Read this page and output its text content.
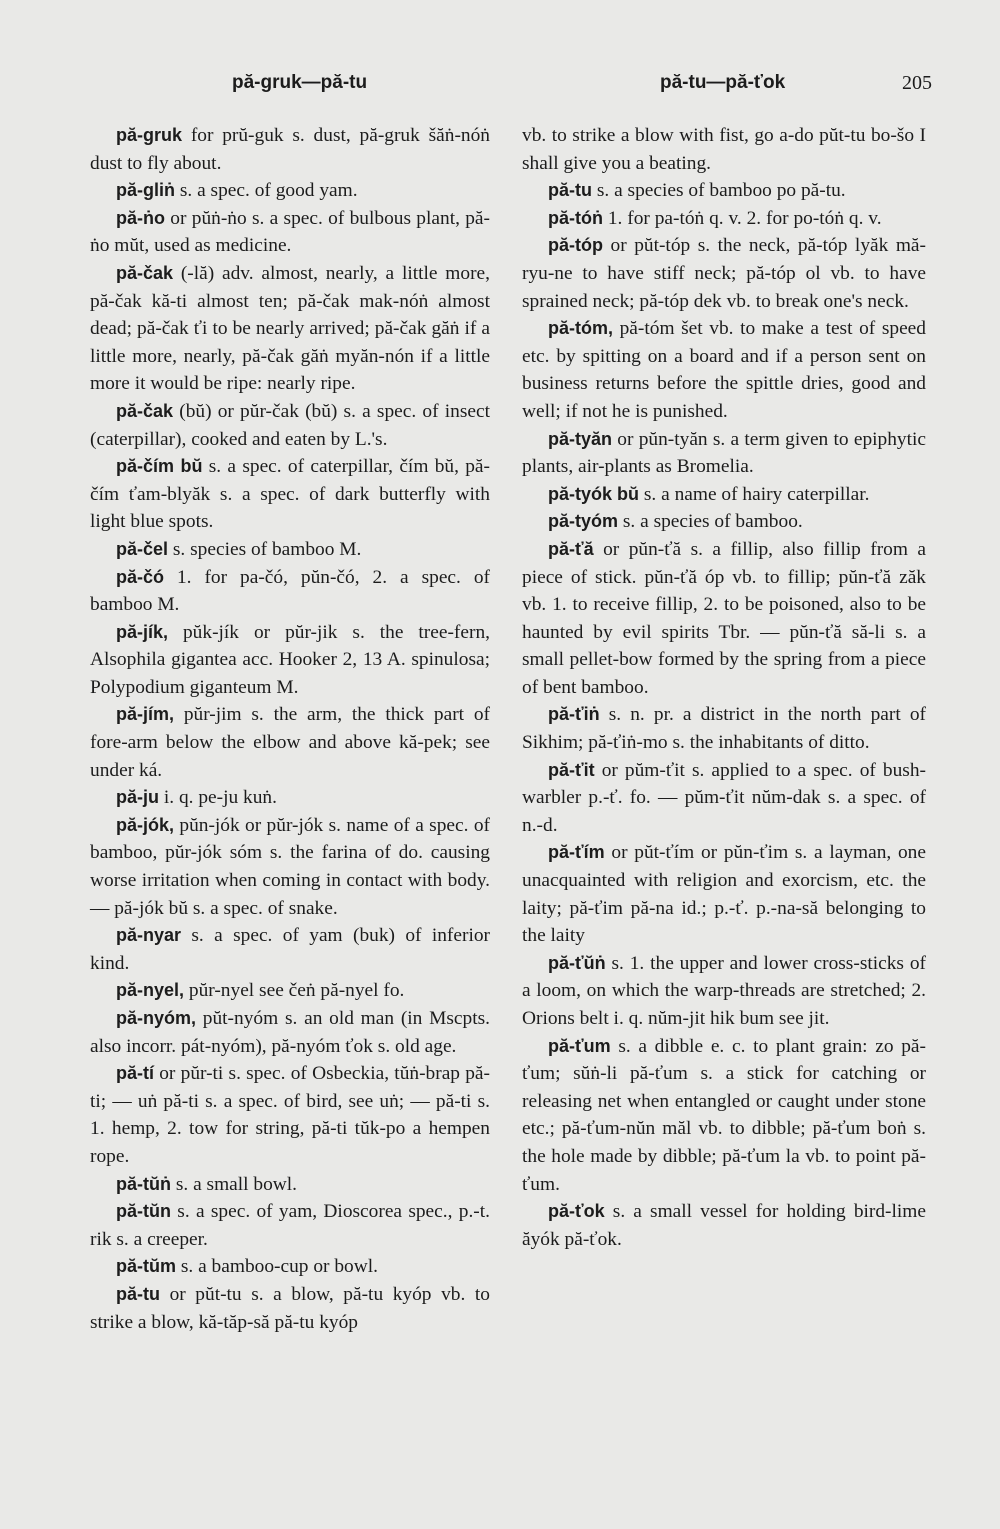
pă-gruk—pă-tu	pă-tu—pă-ťok	205

pă-gruk for prŭ-guk s. dust, pă-gruk šăṅ-nóṅ dust to fly about.

pă-gliṅ s. a spec. of good yam.

pă-ṅo or pŭṅ-ṅo s. a spec. of bulbous plant, pă-ṅo mŭt, used as medicine.

pă-čak (-lă) adv. almost, nearly, a little more, pă-čak kă-ti almost ten; pă-čak mak-nóṅ almost dead; pă-čak ťi to be nearly arrived; pă-čak găṅ if a little more, nearly, pă-čak găṅ myăn-nón if a little more it would be ripe: nearly ripe.

pă-čak (bŭ) or pŭr-čak (bŭ) s. a spec. of insect (caterpillar), cooked and eaten by L.'s.

pă-čím bŭ s. a spec. of caterpillar, čím bŭ, pă-čím ťam-blyăk s. a spec. of dark butterfly with light blue spots.

pă-čel s. species of bamboo M.

pă-čó 1. for pa-čó, pŭn-čó, 2. a spec. of bamboo M.

pă-jík, pŭk-jík or pŭr-jik s. the tree-fern, Alsophila gigantea acc. Hooker 2, 13 A. spinulosa; Polypodium giganteum M.

pă-jím, pŭr-jim s. the arm, the thick part of fore-arm below the elbow and above kă-pek; see under ká.

pă-ju i. q. pe-ju kuṅ.

pă-jók, pŭn-jók or pŭr-jók s. name of a spec. of bamboo, pŭr-jók sóm s. the farina of do. causing worse irritation when coming in contact with body. — pă-jók bŭ s. a spec. of snake.

pă-nyar s. a spec. of yam (buk) of inferior kind.

pă-nyel, pŭr-nyel see čeṅ pă-nyel fo.

pă-nyóm, pŭt-nyóm s. an old man (in Mscpts. also incorr. pát-nyóm), pă-nyóm ťok s. old age.

pă-tí or pŭr-ti s. spec. of Osbeckia, tŭṅ-brap pă-ti; — uṅ pă-ti s. a spec. of bird, see uṅ; — pă-ti s. 1. hemp, 2. tow for string, pă-ti tŭk-po a hempen rope.

pă-tŭṅ s. a small bowl.

pă-tŭn s. a spec. of yam, Dioscorea spec., p.-t. rik s. a creeper.

pă-tŭm s. a bamboo-cup or bowl.

pă-tu or pŭt-tu s. a blow, pă-tu kyóp vb. to strike a blow, kă-tăp-să pă-tu kyóp

vb. to strike a blow with fist, go a-do pŭt-tu bo-šo I shall give you a beating.

pă-tu s. a species of bamboo po pă-tu.

pă-tóṅ 1. for pa-tóṅ q. v. 2. for po-tóṅ q. v.

pă-tóp or pŭt-tóp s. the neck, pă-tóp lyăk mă-ryu-ne to have stiff neck; pă-tóp ol vb. to have sprained neck; pă-tóp dek vb. to break one's neck.

pă-tóm, pă-tóm šet vb. to make a test of speed etc. by spitting on a board and if a person sent on business returns before the spittle dries, good and well; if not he is punished.

pă-tyăn or pŭn-tyăn s. a term given to epiphytic plants, air-plants as Bromelia.

pă-tyók bŭ s. a name of hairy caterpillar.

pă-tyóm s. a species of bamboo.

pă-ťă or pŭn-ťă s. a fillip, also fillip from a piece of stick. pŭn-ťă óp vb. to fillip; pŭn-ťă zăk vb. 1. to receive fillip, 2. to be poisoned, also to be haunted by evil spirits Tbr. — pŭn-ťă să-li s. a small pellet-bow formed by the spring from a piece of bent bamboo.

pă-ťiṅ s. n. pr. a district in the north part of Sikhim; pă-ťiṅ-mo s. the inhabitants of ditto.

pă-ťit or pŭm-ťit s. applied to a spec. of bush-warbler p.-ť. fo. — pŭm-ťit nŭm-dak s. a spec. of n.-d.

pă-ťím or pŭt-ťím or pŭn-ťim s. a layman, one unacquainted with religion and exorcism, etc. the laity; pă-ťim pă-na id.; p.-ť. p.-na-să belonging to the laity

pă-ťŭṅ s. 1. the upper and lower cross-sticks of a loom, on which the warp-threads are stretched; 2. Orions belt i. q. nŭm-jit hik bum see jit.

pă-ťum s. a dibble e. c. to plant grain: zo pă-ťum; sŭṅ-li pă-ťum s. a stick for catching or releasing net when entangled or caught under stone etc.; pă-ťum-nŭn măl vb. to dibble; pă-ťum boṅ s. the hole made by dibble; pă-ťum la vb. to point pă-ťum.

pă-ťok s. a small vessel for holding bird-lime ăyók pă-ťok.
